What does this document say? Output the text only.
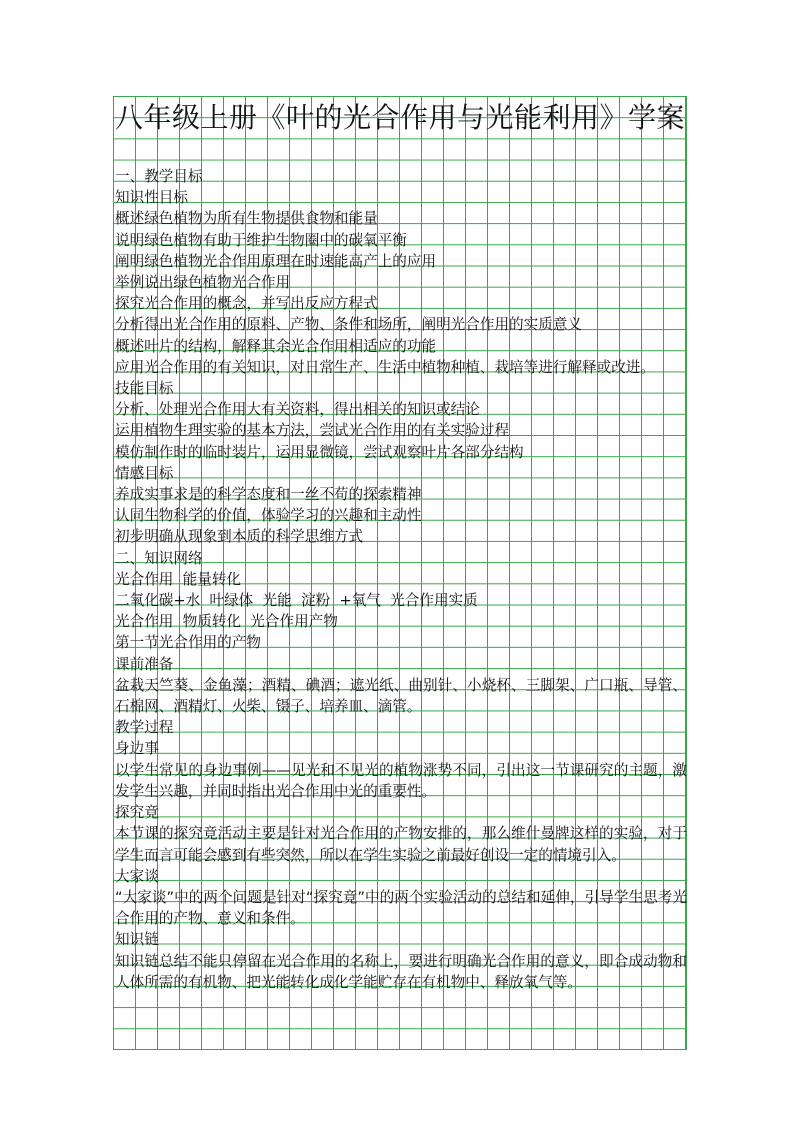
八年级上册《叶的光合作用与光能利用》学案

一、教学目标

知识性目标

概述绿色植物为所有生物提供食物和能量

说明绿色植物有助于维护生物圈中的碳氧平衡

阐明绿色植物光合作用原理在时速能高产上的应用

举例说出绿色植物光合作用

探究光合作用的概念，并写出反应方程式

分析得出光合作用的原料、产物、条件和场所，阐明光合作用的实质意义

概述叶片的结构，解释其余光合作用相适应的功能

应用光合作用的有关知识，对日常生产、生活中植物种植、栽培等进行解释或改进。

技能目标

分析、处理光合作用大有关资料，得出相关的知识或结论

运用植物生理实验的基本方法，尝试光合作用的有关实验过程

模仿制作时的临时装片，运用显微镜，尝试观察叶片各部分结构

情感目标

养成实事求是的科学态度和一丝不苟的探索精神

认同生物科学的价值，体验学习的兴趣和主动性

初步明确从现象到本质的科学思维方式

二、知识网络

光合作用  能量转化

二氧化碳+水  叶绿体  光能  淀粉  +氧气  光合作用实质

光合作用  物质转化  光合作用产物

第一节光合作用的产物

课前准备

盆栽天竺葵、金鱼藻；酒精、碘酒；遮光纸、曲别针、小烧杯、三脚架、广口瓶、导管、石棉网、酒精灯、火柴、镊子、培养皿、滴管。

教学过程

身边事

以学生常见的身边事例——见光和不见光的植物涨势不同，引出这一节课研究的主题，激发学生兴趣，并同时指出光合作用中光的重要性。

探究竟

本节课的探究竟活动主要是针对光合作用的产物安排的，那么维什曼牌这样的实验，对于学生而言可能会感到有些突然，所以在学生实验之前最好创设一定的情境引入。

大家谈

“大家谈”中的两个问题是针对“探究竟”中的两个实验活动的总结和延伸，引导学生思考光合作用的产物、意义和条件。

知识链

知识链总结不能只停留在光合作用的名称上，要进行明确光合作用的意义，即合成动物和人体所需的有机物、把光能转化成化学能贮存在有机物中、释放氧气等。
